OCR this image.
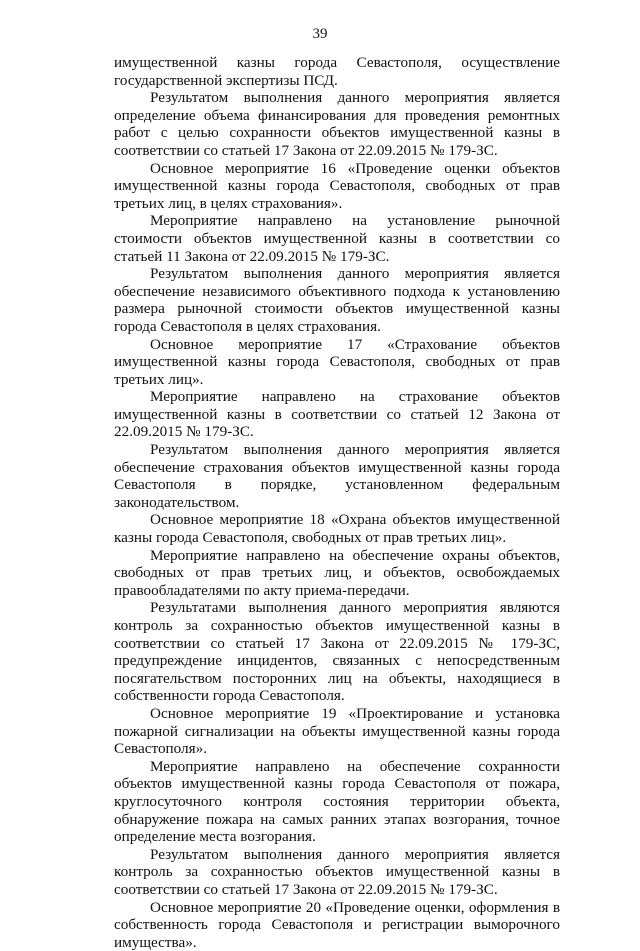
39

имущественной казны города Севастополя, осуществление государственной экспертизы ПСД.

Результатом выполнения данного мероприятия является определение объема финансирования для проведения ремонтных работ с целью сохранности объектов имущественной казны в соответствии со статьей 17 Закона от 22.09.2015 № 179-ЗС.

Основное мероприятие 16 «Проведение оценки объектов имущественной казны города Севастополя, свободных от прав третьих лиц, в целях страхования».

Мероприятие направлено на установление рыночной стоимости объектов имущественной казны в соответствии со статьей 11 Закона от 22.09.2015 № 179-ЗС.

Результатом выполнения данного мероприятия является обеспечение независимого объективного подхода к установлению размера рыночной стоимости объектов имущественной казны города Севастополя в целях страхования.

Основное мероприятие 17 «Страхование объектов имущественной казны города Севастополя, свободных от прав третьих лиц».

Мероприятие направлено на страхование объектов имущественной казны в соответствии со статьей 12 Закона от 22.09.2015 № 179-ЗС.

Результатом выполнения данного мероприятия является обеспечение страхования объектов имущественной казны города Севастополя в порядке, установленном федеральным законодательством.

Основное мероприятие 18 «Охрана объектов имущественной казны города Севастополя, свободных от прав третьих лиц».

Мероприятие направлено на обеспечение охраны объектов, свободных от прав третьих лиц, и объектов, освобождаемых правообладателями по акту приема-передачи.

Результатами выполнения данного мероприятия являются контроль за сохранностью объектов имущественной казны в соответствии со статьей 17 Закона от 22.09.2015 № 179-ЗС, предупреждение инцидентов, связанных с непосредственным посягательством посторонних лиц на объекты, находящиеся в собственности города Севастополя.

Основное мероприятие 19 «Проектирование и установка пожарной сигнализации на объекты имущественной казны города Севастополя».

Мероприятие направлено на обеспечение сохранности объектов имущественной казны города Севастополя от пожара, круглосуточного контроля состояния территории объекта, обнаружение пожара на самых ранних этапах возгорания, точное определение места возгорания.

Результатом выполнения данного мероприятия является контроль за сохранностью объектов имущественной казны в соответствии со статьей 17 Закона от 22.09.2015 № 179-ЗС.

Основное мероприятие 20 «Проведение оценки, оформления в собственность города Севастополя и регистрации выморочного имущества».
